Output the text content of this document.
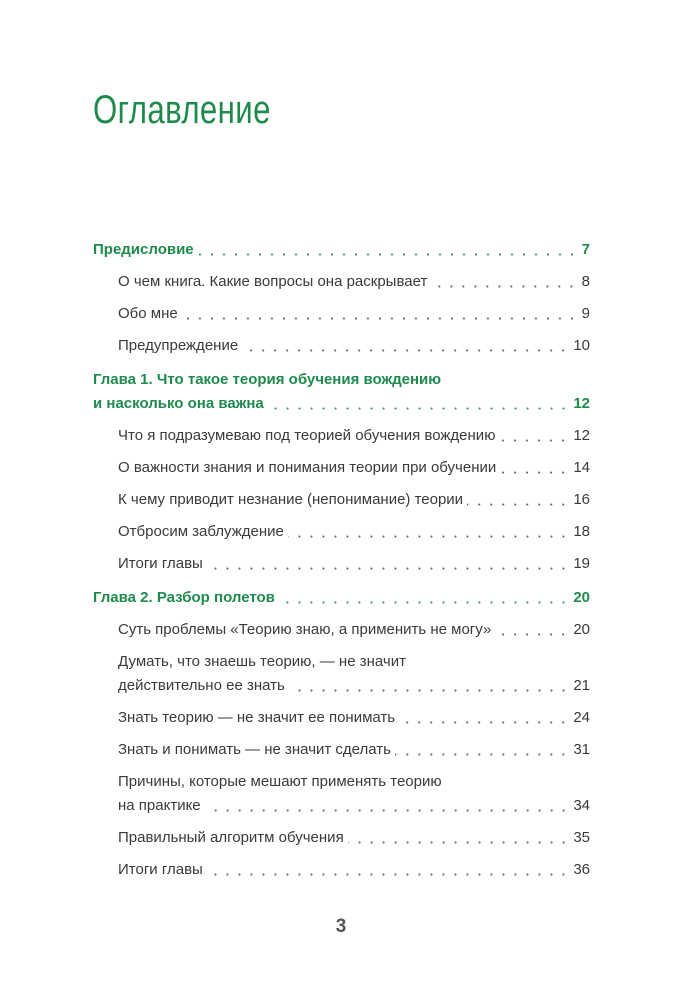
Оглавление
Предисловие	7
О чем книга. Какие вопросы она раскрывает	8
Обо мне	9
Предупреждение	10
Глава 1. Что такое теория обучения вождению
и насколько она важна	12
Что я подразумеваю под теорией обучения вождению	12
О важности знания и понимания теории при обучении	14
К чему приводит незнание (непонимание) теории	16
Отбросим заблуждение	18
Итоги главы	19
Глава 2. Разбор полетов	20
Суть проблемы «Теорию знаю, а применить не могу»	20
Думать, что знаешь теорию, — не значит
действительно ее знать	21
Знать теорию — не значит ее понимать	24
Знать и понимать — не значит сделать	31
Причины, которые мешают применять теорию
на практике	34
Правильный алгоритм обучения	35
Итоги главы	36
3
